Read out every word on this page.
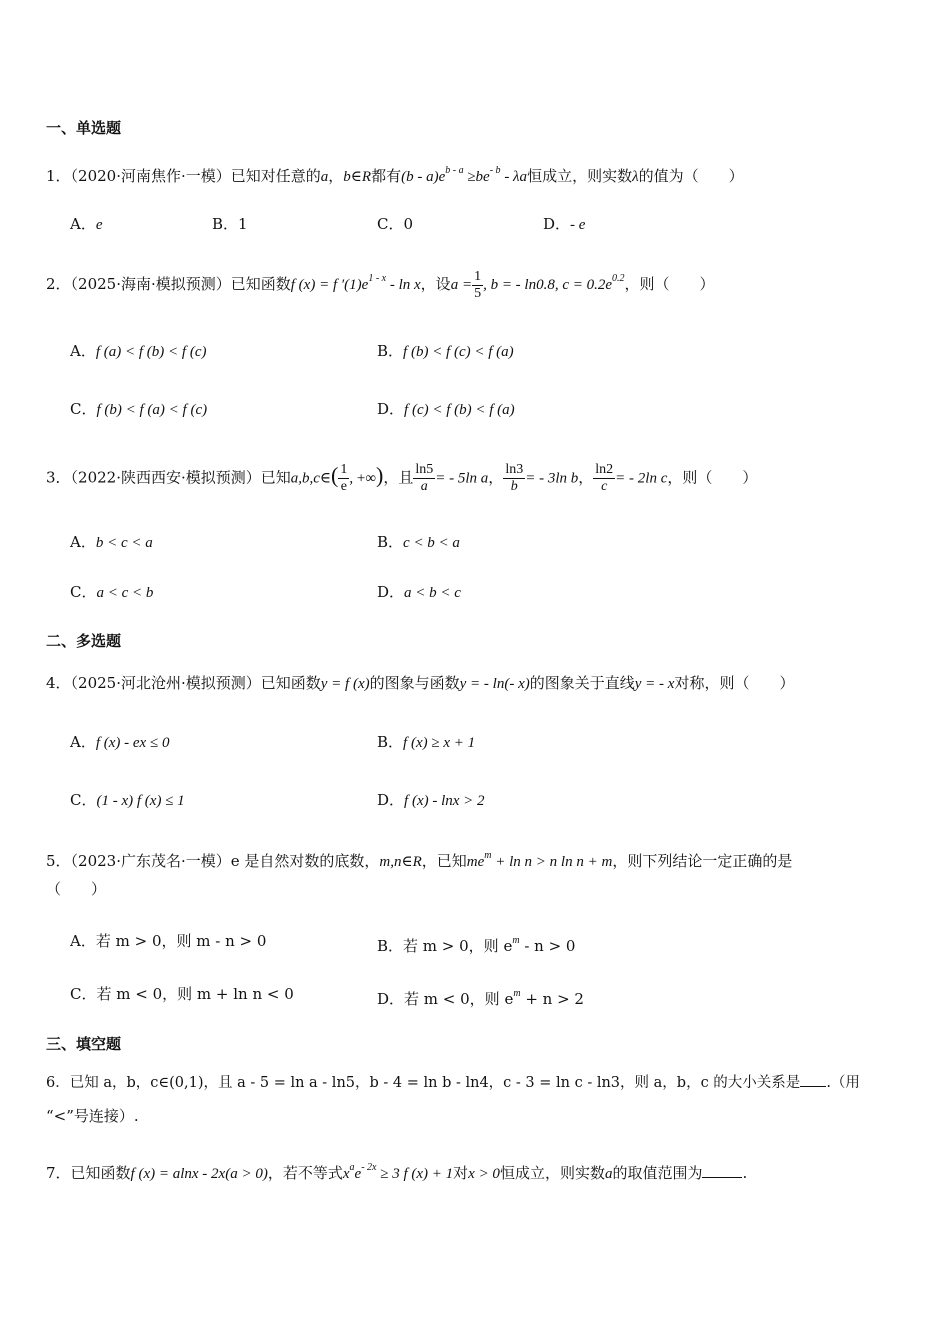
一、单选题
1．（2020·河南焦作·一模）已知对任意的a，b∈R都有$(b - a)e^{b - a} \ge be^{- b} - \lambda a$恒成立，则实数λ的值为（　　）
A．e	B．1	C．0	D．- e
2．（2025·海南·模拟预测）已知函数f (x) = f $'(1)e^{1 - x}$ - ln x，设$a = \frac{1}{5}$ , b = - ln0.8, $c = 0.2e^{0.2}$，则（　　）
A．f (a) < f (b) < f (c)	B．f (b) < f (c) < f (a)
C．f (b) < f (a) < f (c)	D．f (c) < f (b) < f (a)
3．（2022·陕西西安·模拟预测）已知a,b,c∈( $\frac{1}{e}$ , +∞)，且 $\frac{\ln 5}{a}$ = - 5ln a， $\frac{\ln 3}{b}$ = - 3ln b， $\frac{\ln 2}{c}$ = - 2ln c，则（　　）
A．b < c < a	B．c < b < a
C．a < c < b	D．a < b < c
二、多选题
4．（2025·河北沧州·模拟预测）已知函数y = f (x)的图象与函数y = - ln(- x)的图象关于直线y = - x对称，则（　　）
A．f (x) - ex ≤ 0	B．f (x) ≥ x + 1
C．(1 - x) f (x) ≤ 1	D．f (x) - lnx > 2
5．（2023·广东茂名·一模）e 是自然对数的底数，m,n∈R，已知$me^m + \ln n > n$ ln n + m，则下列结论一定正确的是
（　　）
A．若 m > 0，则 m - n > 0	B．若 m > 0，则 $e^m - n > 0$
C．若 m < 0，则 m + ln n < 0	D．若 m < 0，则 $e^m + n > 2$
三、填空题
6．已知 a，b，c∈(0,1)，且 a - 5 = ln a - ln5，b - 4 = ln b - ln4，c - 3 = ln c - ln3，则 a，b，c 的大小关系是 .（用
“<”号连接）.
7．已知函数f (x) = alnx - 2x(a > 0)，若不等式$x^ae^{- 2x} \ge 3$ f (x) + 1对x > 0恒成立，则实数a的取值范围为	.
